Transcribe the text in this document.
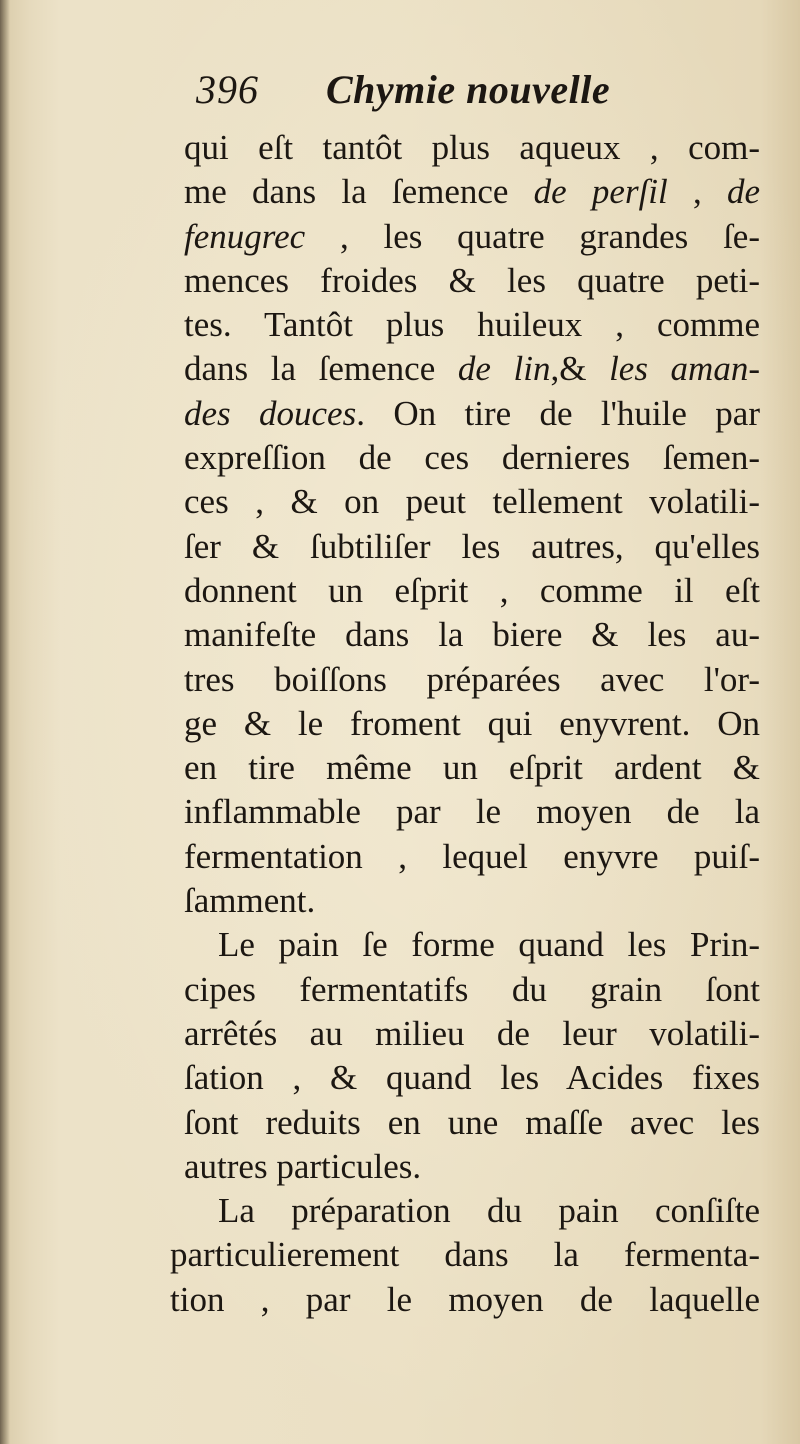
396 Chymie nouvelle
qui eſt tantôt plus aqueux , com-
me dans la ſemence de perſil , de
fenugrec , les quatre grandes ſe-
mences froides & les quatre peti-
tes. Tantôt plus huileux , comme
dans la ſemence de lin,& les aman-
des douces. On tire de l'huile par
expreſſion de ces dernieres ſemen-
ces , & on peut tellement volatili-
ſer & ſubtiliſer les autres, qu'elles
donnent un eſprit , comme il eſt
manifeſte dans la biere & les au-
tres boiſſons préparées avec l'or-
ge & le froment qui enyvrent. On
en tire même un eſprit ardent &
inflammable par le moyen de la
fermentation , lequel enyvre puiſ-
ſamment.
Le pain ſe forme quand les Prin-
cipes fermentatifs du grain ſont
arrêtés au milieu de leur volatili-
ſation , & quand les Acides fixes
ſont reduits en une maſſe avec les
autres particules.
La préparation du pain conſiſte
particulierement dans la fermenta-
tion , par le moyen de laquelle
